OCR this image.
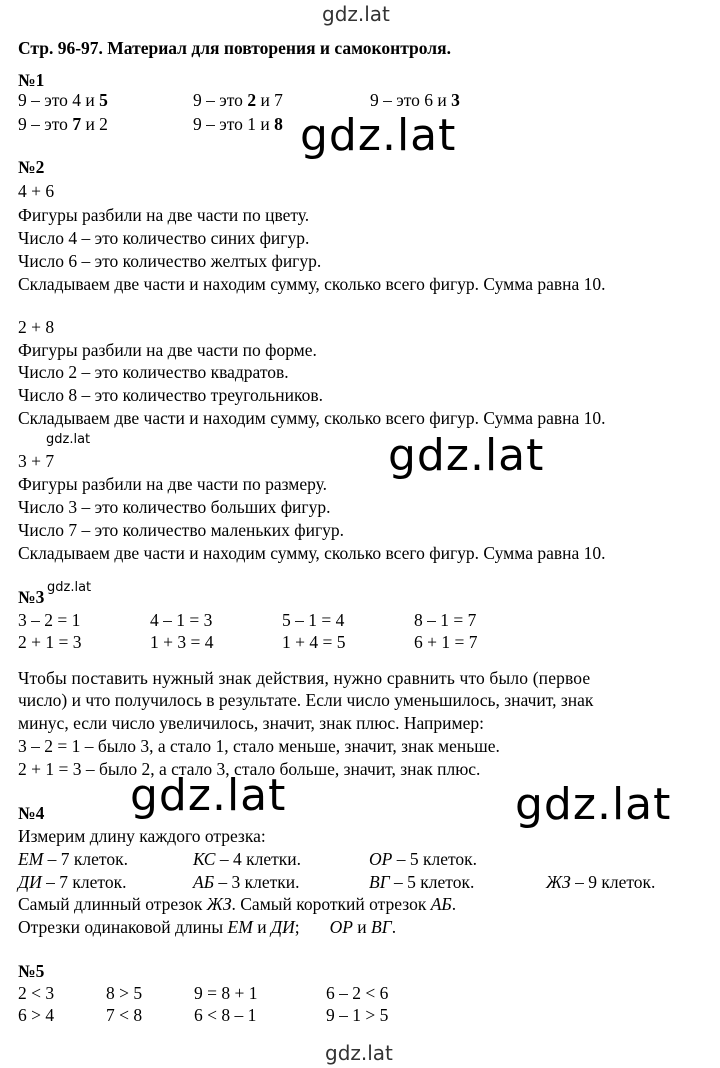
gdz.lat
gdz.lat
gdz.lat	gdz.lat
gdz.lat
gdz.lat	gdz.lat
gdz.lat
Стр. 96-97. Материал для повторения и самоконтроля.
№1
9 – это 4 и 5	9 – это 2 и 7	9 – это 6 и 3
9 – это 7 и 2	9 – это 1 и 8
№2
4 + 6
Фигуры разбили на две части по цвету.
Число 4 – это количество синих фигур.
Число 6 – это количество желтых фигур.
Складываем две части и находим сумму, сколько всего фигур. Сумма равна 10.
2 + 8
Фигуры разбили на две части по форме.
Число 2 – это количество квадратов.
Число 8 – это количество треугольников.
Складываем две части и находим сумму, сколько всего фигур. Сумма равна 10.
3 + 7
Фигуры разбили на две части по размеру.
Число 3 – это количество больших фигур.
Число 7 – это количество маленьких фигур.
Складываем две части и находим сумму, сколько всего фигур. Сумма равна 10.
№3
3 – 2 = 1	4 – 1 = 3	5 – 1 = 4	8 – 1 = 7
2 + 1 = 3	1 + 3 = 4	1 + 4 = 5	6 + 1 = 7
Чтобы поставить нужный знак действия, нужно сравнить что было (первое
число) и что получилось в результате. Если число уменьшилось, значит, знак
минус, если число увеличилось, значит, знак плюс. Например:
3 – 2 = 1 – было 3, а стало 1, стало меньше, значит, знак меньше.
2 + 1 = 3 – было 2, а стало 3, стало больше, значит, знак плюс.
№4
Измерим длину каждого отрезка:
ЕМ – 7 клеток.	КС – 4 клетки.	ОР – 5 клеток.
ДИ – 7 клеток.	АБ – 3 клетки.	ВГ – 5 клеток.	ЖЗ – 9 клеток.
Самый длинный отрезок ЖЗ. Самый короткий отрезок АБ.
Отрезки одинаковой длины ЕМ и ДИ; ОР и ВГ.
№5
2 < 3	8 > 5	9 = 8 + 1	6 – 2 < 6
6 > 4	7 < 8	6 < 8 – 1	9 – 1 > 5
